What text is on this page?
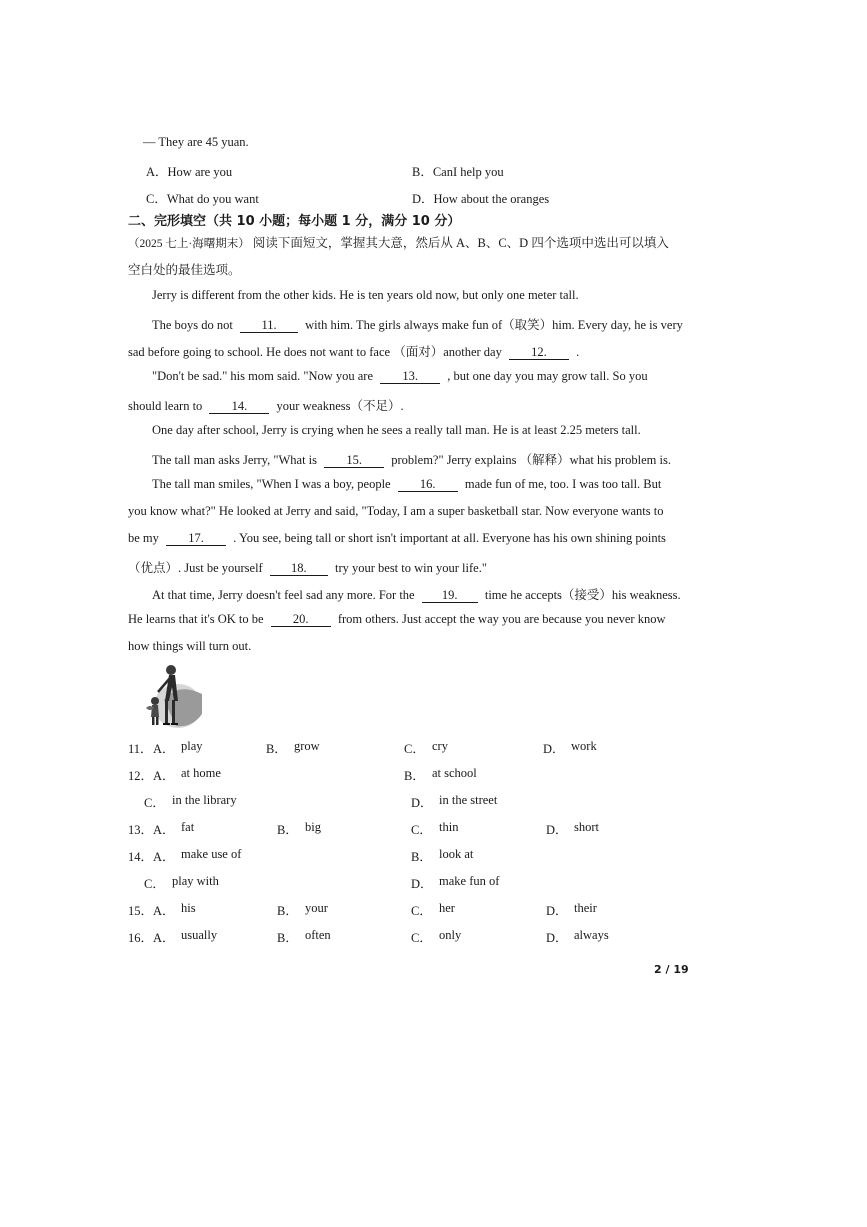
— They are 45 yuan.
A．How are you	B．CanI help you
C．What do you want	D．How about the oranges
二、完形填空（共 10 小题；每小题 1 分，满分 10 分）
（2025 七上·海曙期末） 阅读下面短文，掌握其大意，然后从 A、B、C、D 四个选项中选出可以填入
空白处的最佳选项。
Jerry is different from the other kids. He is ten years old now, but only one meter tall.
The boys do not 11. with him. The girls always make fun of（取笑）him. Every day, he is very
sad before going to school. He does not want to face （面对）another day 12. .
"Don't be sad." his mom said. "Now you are 13. , but one day you may grow tall. So you
should learn to 14. your weakness（不足）.
One day after school, Jerry is crying when he sees a really tall man. He is at least 2.25 meters tall.
The tall man asks Jerry, "What is 15. problem?" Jerry explains （解释）what his problem is.
The tall man smiles, "When I was a boy, people 16. made fun of me, too. I was too tall. But
you know what?" He looked at Jerry and said, "Today, I am a super basketball star. Now everyone wants to
be my 17. . You see, being tall or short isn't important at all. Everyone has his own shining points
（优点）. Just be yourself 18. try your best to win your life."
At that time, Jerry doesn't feel sad any more. For the 19. time he accepts（接受）his weakness.
He learns that it's OK to be 20. from others. Just accept the way you are because you never know
how things will turn out.
11． A． play	B． grow	C． cry	D． work
12． A． at home	B． at school
C． in the library	D． in the street
13． A． fat	B． big	C． thin	D． short
14． A． make use of	B． look at
C． play with	D． make fun of
15． A． his	B． your	C． her	D． their
16． A． usually	B． often	C． only	D． always
2 / 19
